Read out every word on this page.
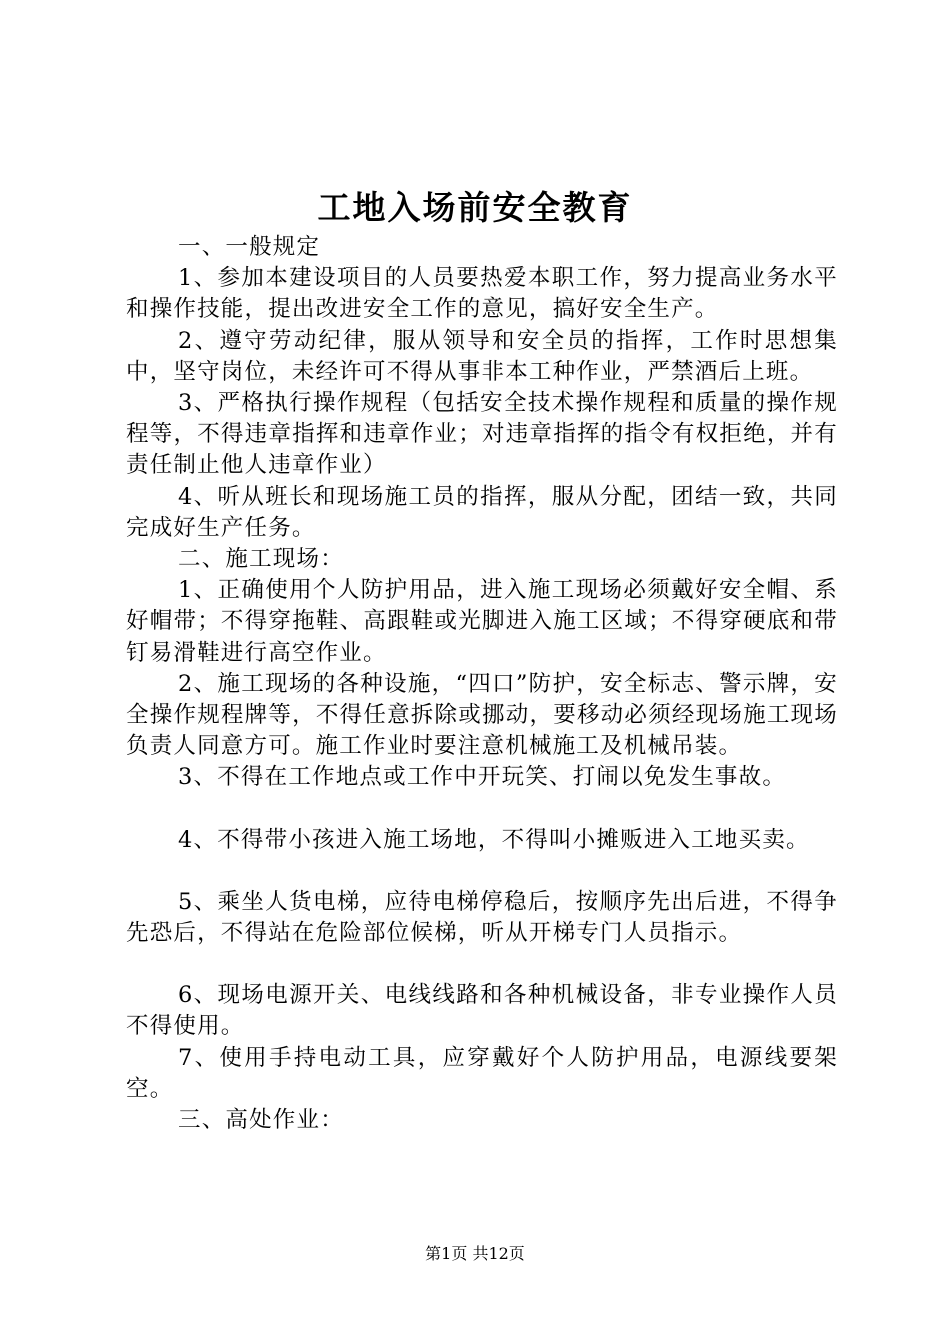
工地入场前安全教育

一、一般规定

1、参加本建设项目的人员要热爱本职工作，努力提高业务水平和操作技能，提出改进安全工作的意见，搞好安全生产。

2、遵守劳动纪律，服从领导和安全员的指挥，工作时思想集中，坚守岗位，未经许可不得从事非本工种作业，严禁酒后上班。

3、严格执行操作规程（包括安全技术操作规程和质量的操作规程等，不得违章指挥和违章作业；对违章指挥的指令有权拒绝，并有责任制止他人违章作业）

4、听从班长和现场施工员的指挥，服从分配，团结一致，共同完成好生产任务。

二、施工现场：

1、正确使用个人防护用品，进入施工现场必须戴好安全帽、系好帽带；不得穿拖鞋、高跟鞋或光脚进入施工区域；不得穿硬底和带钉易滑鞋进行高空作业。

2、施工现场的各种设施，“四口”防护，安全标志、警示牌，安全操作规程牌等，不得任意拆除或挪动，要移动必须经现场施工现场负责人同意方可。施工作业时要注意机械施工及机械吊装。

3、不得在工作地点或工作中开玩笑、打闹以免发生事故。

4、不得带小孩进入施工场地，不得叫小摊贩进入工地买卖。

5、乘坐人货电梯，应待电梯停稳后，按顺序先出后进，不得争先恐后，不得站在危险部位候梯，听从开梯专门人员指示。

6、现场电源开关、电线线路和各种机械设备，非专业操作人员不得使用。

7、使用手持电动工具，应穿戴好个人防护用品，电源线要架空。

三、高处作业：

第1页 共12页
